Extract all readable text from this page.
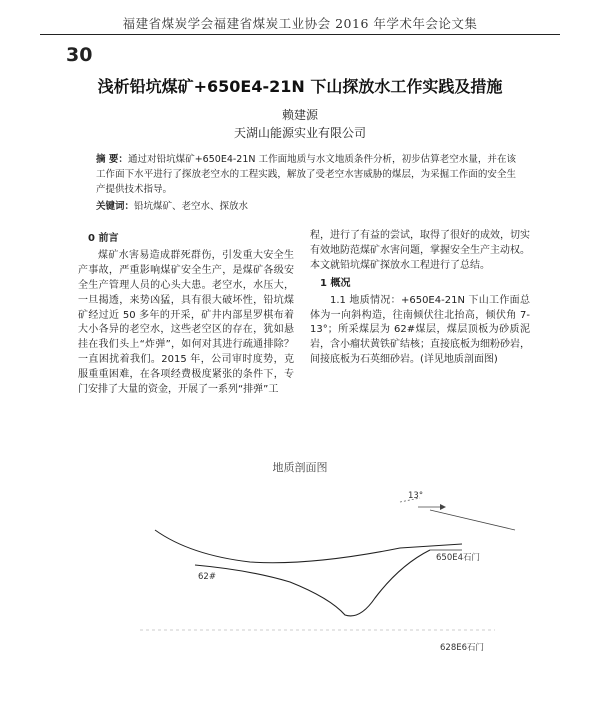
福建省煤炭学会福建省煤炭工业协会 2016 年学术年会论文集
30
浅析铅坑煤矿+650E4-21N 下山探放水工作实践及措施
赖建源
天湖山能源实业有限公司
摘 要：通过对铅坑煤矿+650E4-21N 工作面地质与水文地质条件分析，初步估算老空水量，并在该工作面下水平进行了探放老空水的工程实践，解放了受老空水害威胁的煤层，为采掘工作面的安全生产提供技术指导。
关键词：铅坑煤矿、老空水、探放水

0 前言

煤矿水害易造成群死群伤，引发重大安全生产事故，严重影响煤矿安全生产，是煤矿各级安全生产管理人员的心头大患。老空水，水压大，一旦揭透，来势凶猛，具有很大破坏性，铅坑煤矿经过近 50 多年的开采，矿井内部星罗棋布着大小各异的老空水，这些老空区的存在，犹如悬挂在我们头上“炸弹”，如何对其进行疏通排除？一直困扰着我们。2015 年，公司审时度势，克服重重困难，在各项经费极度紧张的条件下，专门安排了大量的资金，开展了一系列“排弹”工

程，进行了有益的尝试，取得了很好的成效，切实有效地防范煤矿水害问题，掌握安全生产主动权。本文就铅坑煤矿探放水工程进行了总结。

1 概况

1.1 地质情况：+650E4-21N 下山工作面总体为一向斜构造，往南倾伏往北抬高，倾伏角 7-13°；所采煤层为 62#煤层，煤层顶板为砂质泥岩，含小瘤状黄铁矿结核；直接底板为细粉砂岩，间接底板为石英细砂岩。(详见地质剖面图)

地质剖面图
13°
62#
650E4石门
628E6石门
